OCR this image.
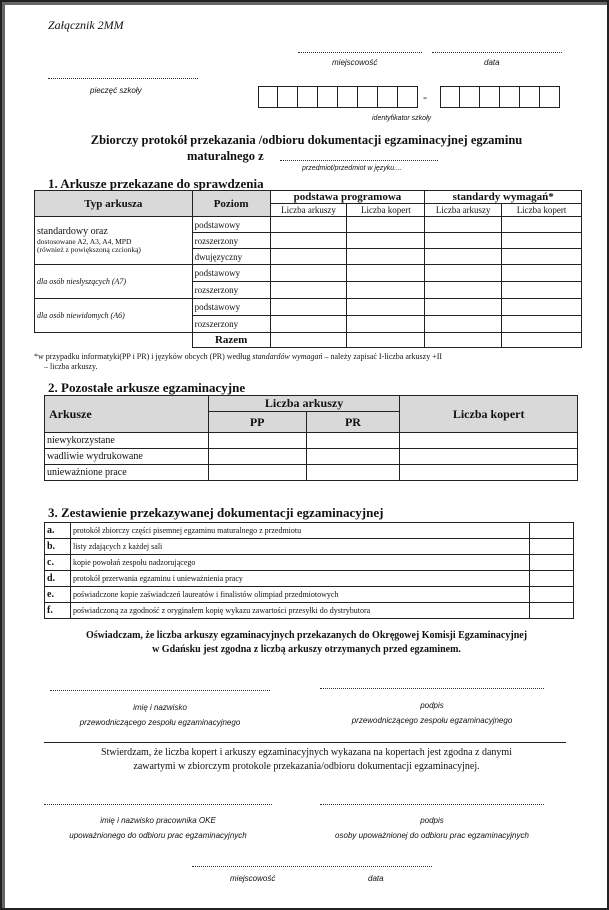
Załącznik 2MM
miejscowość	data
pieczęć szkoły	-
identyfikator szkoły
Zbiorczy protokół przekazania /odbioru dokumentacji egzaminacyjnej egzaminu
maturalnego z
przedmiot/przedmiot w języku....
1. Arkusze przekazane do sprawdzenia
Typ arkusza	Poziom	podstawa programowa		standardy wymagań*	
		Liczba arkuszy	Liczba kopert	Liczba arkuszy	Liczba kopert

standardowy oraz
dostosowane A2, A3, A4, MPD
(również z powiększoną czcionką)	podstawowy				
	rozszerzony				
	dwujęzyczny				
dla osób niesłyszących (A7)	podstawowy				
	rozszerzony				
dla osób niewidomych (A6)	podstawowy				
	rozszerzony				
	Razem				
*w przypadku informatyki(PP i PR) i języków obcych (PR) według standardów wymagań – należy zapisać I-liczba arkuszy +II
– liczba arkuszy.
2. Pozostałe arkusze egzaminacyjne
Arkusze	Liczba arkuszy		Liczba kopert
	PP	PR	
niewykorzystane			
wadliwie wydrukowane			
unieważnione prace			
3. Zestawienie przekazywanej dokumentacji egzaminacyjnej
a.	protokół zbiorczy części pisemnej egzaminu maturalnego z przedmiotu	
b.	listy zdających z każdej sali	
c.	kopie powołań zespołu nadzorującego	
d.	protokół przerwania egzaminu i unieważnienia pracy	
e.	poświadczone kopie zaświadczeń laureatów i finalistów olimpiad przedmiotowych	
f.	poświadczoną za zgodność z oryginałem kopię wykazu zawartości przesyłki do dystrybutora	
Oświadczam, że liczba arkuszy egzaminacyjnych przekazanych do Okręgowej Komisji Egzaminacyjnej
w Gdańsku jest zgodna z liczbą arkuszy otrzymanych przed egzaminem.
imię i nazwisko
przewodniczącego zespołu egzaminacyjnego
podpis
przewodniczącego zespołu egzaminacyjnego
Stwierdzam, że liczba kopert i arkuszy egzaminacyjnych wykazana na kopertach jest zgodna z danymi
zawartymi w zbiorczym protokole przekazania/odbioru dokumentacji egzaminacyjnej.
imię i nazwisko pracownika OKE
upoważnionego do odbioru prac egzaminacyjnych
podpis
osoby upoważnionej do odbioru prac egzaminacyjnych
miejscowość	data
